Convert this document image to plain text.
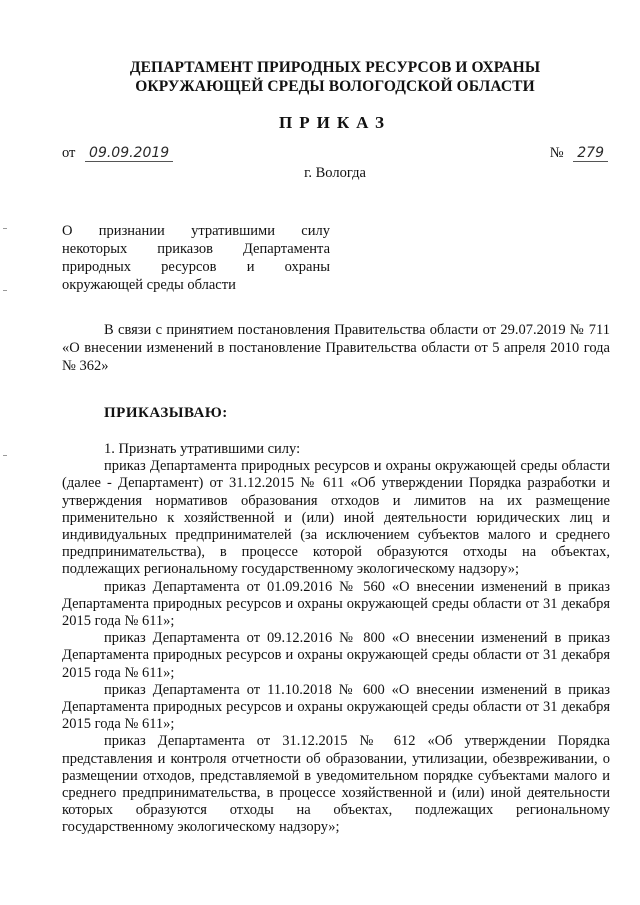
ДЕПАРТАМЕНТ ПРИРОДНЫХ РЕСУРСОВ И ОХРАНЫ
ОКРУЖАЮЩЕЙ СРЕДЫ ВОЛОГОДСКОЙ ОБЛАСТИ
ПРИКАЗ
от 09.09.2019	№ 279
г. Вологда
О признании утратившими силу некоторых приказов Департамента природных ресурсов и охраны окружающей среды области
В связи с принятием постановления Правительства области от 29.07.2019 № 711 «О внесении изменений в постановление Правительства области от 5 апреля 2010 года № 362»
ПРИКАЗЫВАЮ:

1. Признать утратившими силу:

приказ Департамента природных ресурсов и охраны окружающей среды области (далее - Департамент) от 31.12.2015 № 611 «Об утверждении Порядка разработки и утверждения нормативов образования отходов и лимитов на их размещение применительно к хозяйственной и (или) иной деятельности юридических лиц и индивидуальных предпринимателей (за исключением субъектов малого и среднего предпринимательства), в процессе которой образуются отходы на объектах, подлежащих региональному государственному экологическому надзору»;

приказ Департамента от 01.09.2016 № 560 «О внесении изменений в приказ Департамента природных ресурсов и охраны окружающей среды области от 31 декабря 2015 года № 611»;

приказ Департамента от 09.12.2016 № 800 «О внесении изменений в приказ Департамента природных ресурсов и охраны окружающей среды области от 31 декабря 2015 года № 611»;

приказ Департамента от 11.10.2018 № 600 «О внесении изменений в приказ Департамента природных ресурсов и охраны окружающей среды области от 31 декабря 2015 года № 611»;

приказ Департамента от 31.12.2015 № 612 «Об утверждении Порядка представления и контроля отчетности об образовании, утилизации, обезвреживании, о размещении отходов, представляемой в уведомительном порядке субъектами малого и среднего предпринимательства, в процессе хозяйственной и (или) иной деятельности которых образуются отходы на объектах, подлежащих региональному государственному экологическому надзору»;
